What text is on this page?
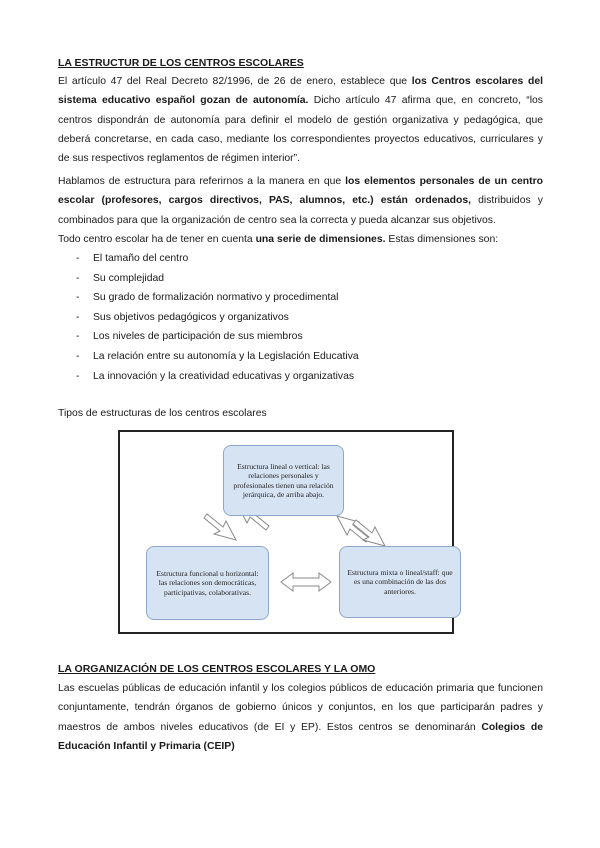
LA ESTRUCTUR DE LOS CENTROS ESCOLARES

El artículo 47 del Real Decreto 82/1996, de 26 de enero, establece que los Centros escolares del sistema educativo español gozan de autonomía. Dicho artículo 47 afirma que, en concreto, “los centros dispondrán de autonomía para definir el modelo de gestión organizativa y pedagógica, que deberá concretarse, en cada caso, mediante los correspondientes proyectos educativos, curriculares y de sus respectivos reglamentos de régimen interior”.

Hablamos de estructura para referirnos a la manera en que los elementos personales de un centro escolar (profesores, cargos directivos, PAS, alumnos, etc.) están ordenados, distribuidos y combinados para que la organización de centro sea la correcta y pueda alcanzar sus objetivos.

Todo centro escolar ha de tener en cuenta una serie de dimensiones. Estas dimensiones son:

- El tamaño del centro
- Su complejidad
- Su grado de formalización normativo y procedimental
- Sus objetivos pedagógicos y organizativos
- Los niveles de participación de sus miembros
- La relación entre su autonomía y la Legislación Educativa
- La innovación y la creatividad educativas y organizativas
Tipos de estructuras de los centros escolares
Estructura lineal o vertical: las relaciones personales y profesionales tienen una relación jerárquica, de arriba abajo.
Estructura funcional u horizontal: las relaciones son democráticas, participativas, colaborativas.
Estructura mixta o lineal/staff: que es una combinación de las dos anteriores.
LA ORGANIZACIÓN DE LOS CENTROS ESCOLARES Y LA OMO

Las escuelas públicas de educación infantil y los colegios públicos de educación primaria que funcionen conjuntamente, tendrán órganos de gobierno únicos y conjuntos, en los que participarán padres y maestros de ambos niveles educativos (de EI y EP). Estos centros se denominarán Colegios de Educación Infantil y Primaria (CEIP)
